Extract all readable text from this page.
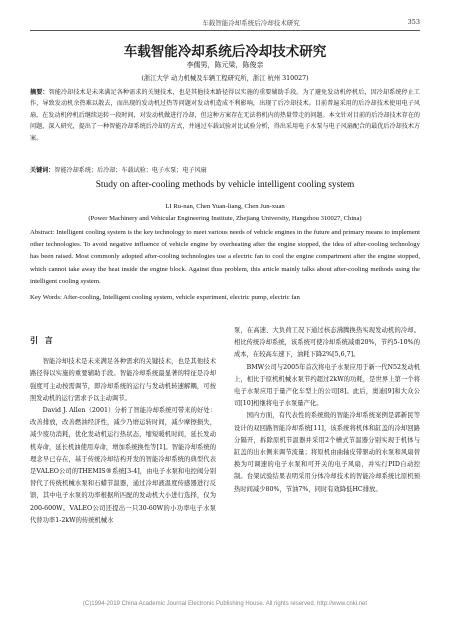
车载智能冷却系统后冷却技术研究	353
车载智能冷却系统后冷却技术研究
李儒男，陈元梁，陈俊亲
(浙江大学 动力机械及车辆工程研究所，浙江 杭州 310027)
摘要：智能冷却技术是未来满足各种需求的关键技术，也是其他技术路径得以实施的重要辅助手段。为了避免发动机停机后，因冷却系统停止工作，导致发动机余热难以散去，而出现的发动机过热等问题对发动机造成不利影响，出现了后冷却技术。目前普遍采用的后冷却技术使用电子风扇，在发动机停机后继续运转一段时间，对发动机做进行冷却，但这种方案存在无法将机内的热量带走的问题。本文针对目前的后冷却技术存在的问题，深入研究，提出了一种智能冷却系统后冷却的方式，并通过车载试验对比试验分析，得出采用电子水泵与电子风扇配合的最优后冷却技术方案。
关键词：智能冷却系统；后冷却；车载试验；电子水泵；电子风扇
Study on after-cooling methods by vehicle intelligent cooling system
LI Ru-nan, Chen Yuan-liang, Chen Jun-xuan
(Power Machinery and Vehicular Engineering Institute, Zhejiang University, Hangzhou 310027, China)
Abstract: Intelligent cooling system is the key technology to meet various needs of vehicle engines in the future and primary means to implement other technologies. To avoid negative influence of vehicle engine by overheating after the engine stopped, the idea of after-cooling technology has been raised. Most commonly adopted after-cooling technologies use a electric fan to cool the engine compartment after the engine stopped, which cannot take away the heat inside the engine block. Against thus problem, this article mainly talks about after-cooling methods using the intelligent cooling system.
Key Words: After-cooling, Intelligent cooling system, vehicle experiment, electric pump, electric fan
引 言

智能冷却技术是未来满足各种需求的关键技术，也是其他技术路径得以实施的重要辅助手段。智能冷却系统最显著的特征是冷却强度可主动按需调节，即冷却系统的运行与发动机转速解耦，可按照发动机的运行需求予以主动调节。

David J. Allen（2001）分析了智能冷却系统可带来的好处：改善排放，改善燃油经济性，减少乃磨运转时间，减少摩擦损失，减少废功消耗，优化发动机运行热状态，缩短暖机时间，延长发动机寿命，延长机油使用寿命，增加系统换性等[1]。智能冷却系统的理念早已存在，基于传统冷却结构开发的智能冷却系统的典型代表是VALEO公司的THEMIS®系统[3-4]，由电子水泵和电控阀分别替代了传统机械水泵和石蜡节温器，通过冷却液温度传感器进行反馈，其中电子水泵的功率根据所匹配的发动机大小进行选择，仅为200-600W。VALEO公司还提出一只30-60W的小功率电子水泵代替功率1-2kW的传统机械水

泵，在高速、大负荷工况下通过核态沸腾换热实现发动机的冷却。相比传统冷却系统，该系统可使冷却系统减重20%，节约5-10%的成本，在较高车速下，油耗下降2%[5,6,7]。

BMW公司与2005年首次将电子水泵应用于新一代N52发动机上，相比于原机机械水泵节约超过2kW的功耗，是世界上第一个将电子水泵应用于量产化车型上的公司[8]。此后，奥迪[9]和大众公司[10]相继将电子水泵量产化。

国内方面，有代表性的系统级的智能冷却系统案例是郭新民等设计的双回路智能冷却系统[11]，该系统将机体和缸盖的冷却回路分隔开，拆除原机节温器并采用2个槽式节温器分别实现于机体与缸盖的出水侧来调节流量；将原机由曲轴皮带驱动的水泵和风扇替换为可调速的电子水泵和可开关的电子风扇，并实行PID自动控制。台架试验结果表明采用分体冷却技术的智能冷却系统比原机预热时间减少80%，节油7%，同时有效降低HC排放。

(C)1994-2019 China Academic Journal Electronic Publishing House. All rights reserved. http://www.cnki.net
